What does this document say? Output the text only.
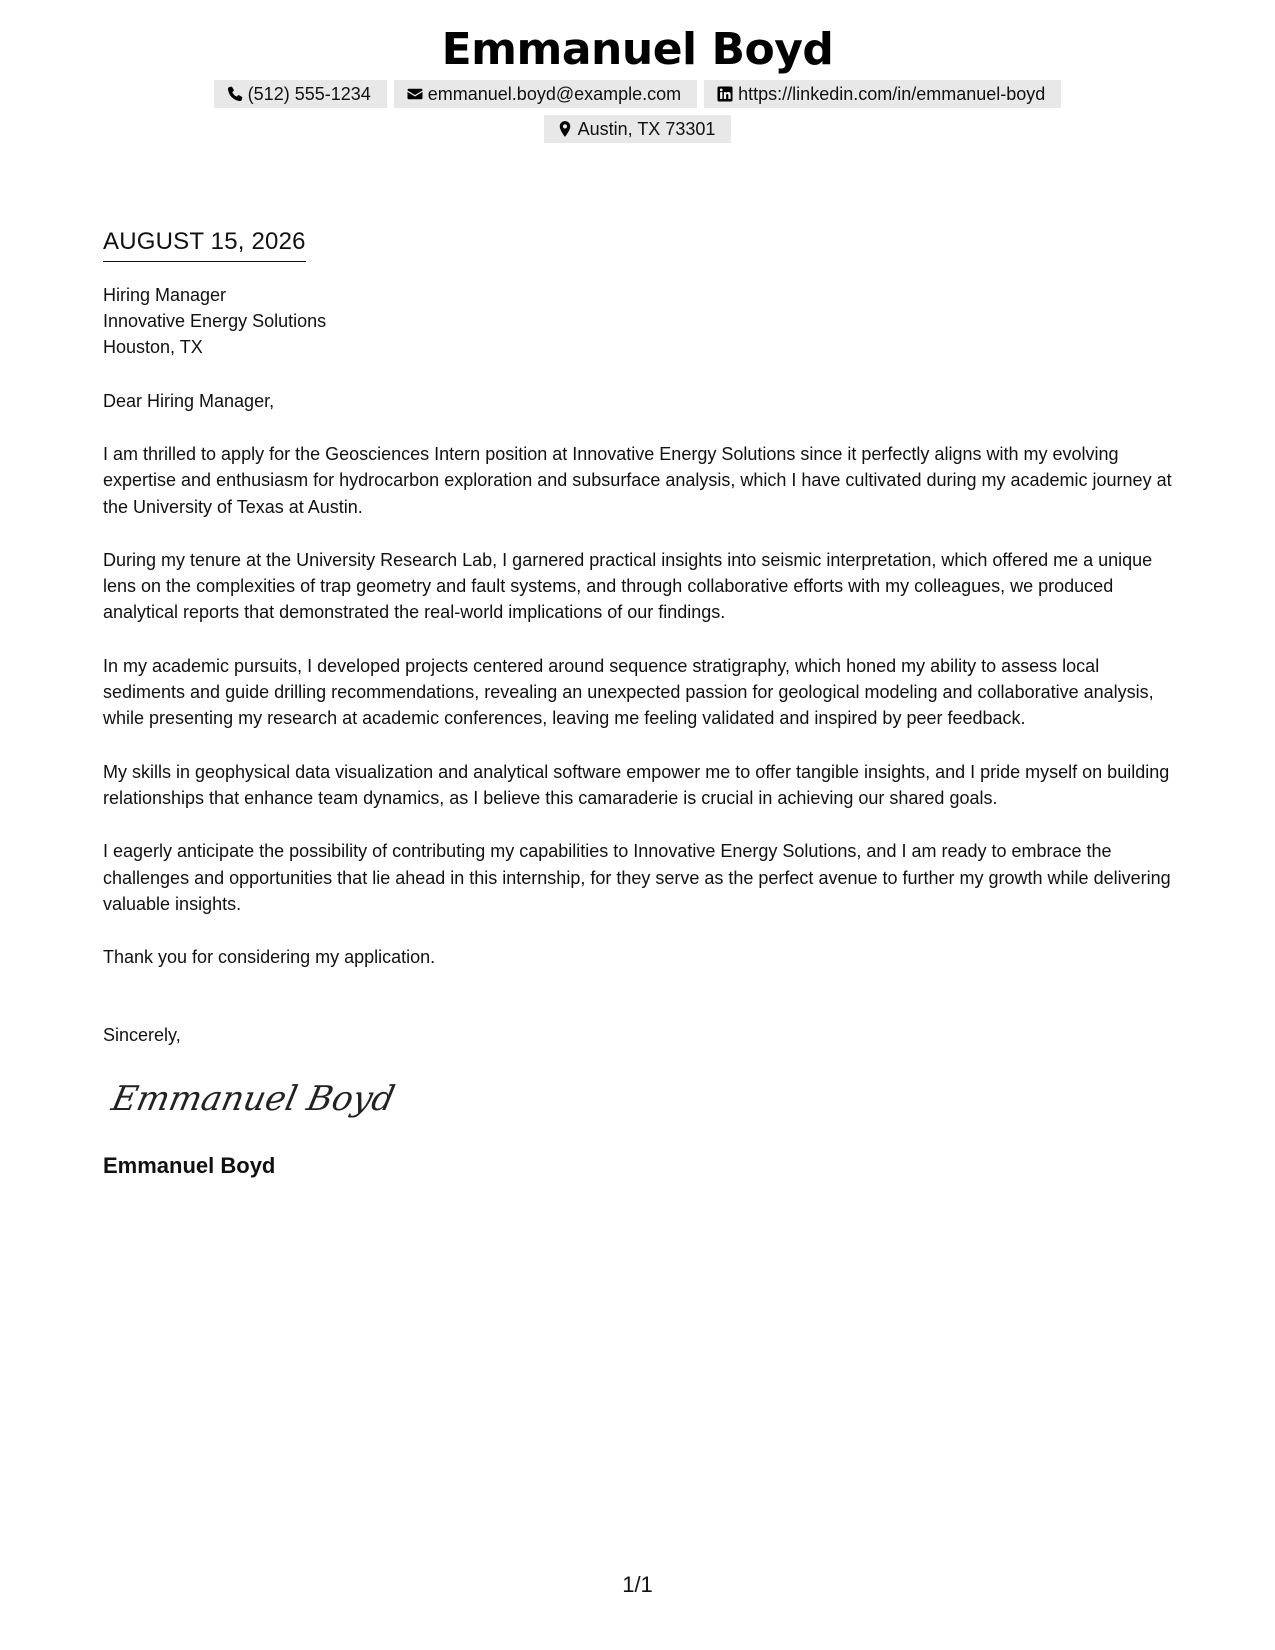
Emmanuel Boyd
(512) 555-1234	emmanuel.boyd@example.com	https://linkedin.com/in/emmanuel-boyd
Austin, TX 73301
AUGUST 15, 2026
Hiring Manager
Innovative Energy Solutions
Houston, TX
Dear Hiring Manager,

I am thrilled to apply for the Geosciences Intern position at Innovative Energy Solutions since it perfectly aligns with my evolving expertise and enthusiasm for hydrocarbon exploration and subsurface analysis, which I have cultivated during my academic journey at the University of Texas at Austin.

During my tenure at the University Research Lab, I garnered practical insights into seismic interpretation, which offered me a unique lens on the complexities of trap geometry and fault systems, and through collaborative efforts with my colleagues, we produced analytical reports that demonstrated the real-world implications of our findings.

In my academic pursuits, I developed projects centered around sequence stratigraphy, which honed my ability to assess local sediments and guide drilling recommendations, revealing an unexpected passion for geological modeling and collaborative analysis, while presenting my research at academic conferences, leaving me feeling validated and inspired by peer feedback.

My skills in geophysical data visualization and analytical software empower me to offer tangible insights, and I pride myself on building relationships that enhance team dynamics, as I believe this camaraderie is crucial in achieving our shared goals.

I eagerly anticipate the possibility of contributing my capabilities to Innovative Energy Solutions, and I am ready to embrace the challenges and opportunities that lie ahead in this internship, for they serve as the perfect avenue to further my growth while delivering valuable insights.

Thank you for considering my application.

Sincerely,
Emmanuel Boyd
Emmanuel Boyd
1/1
